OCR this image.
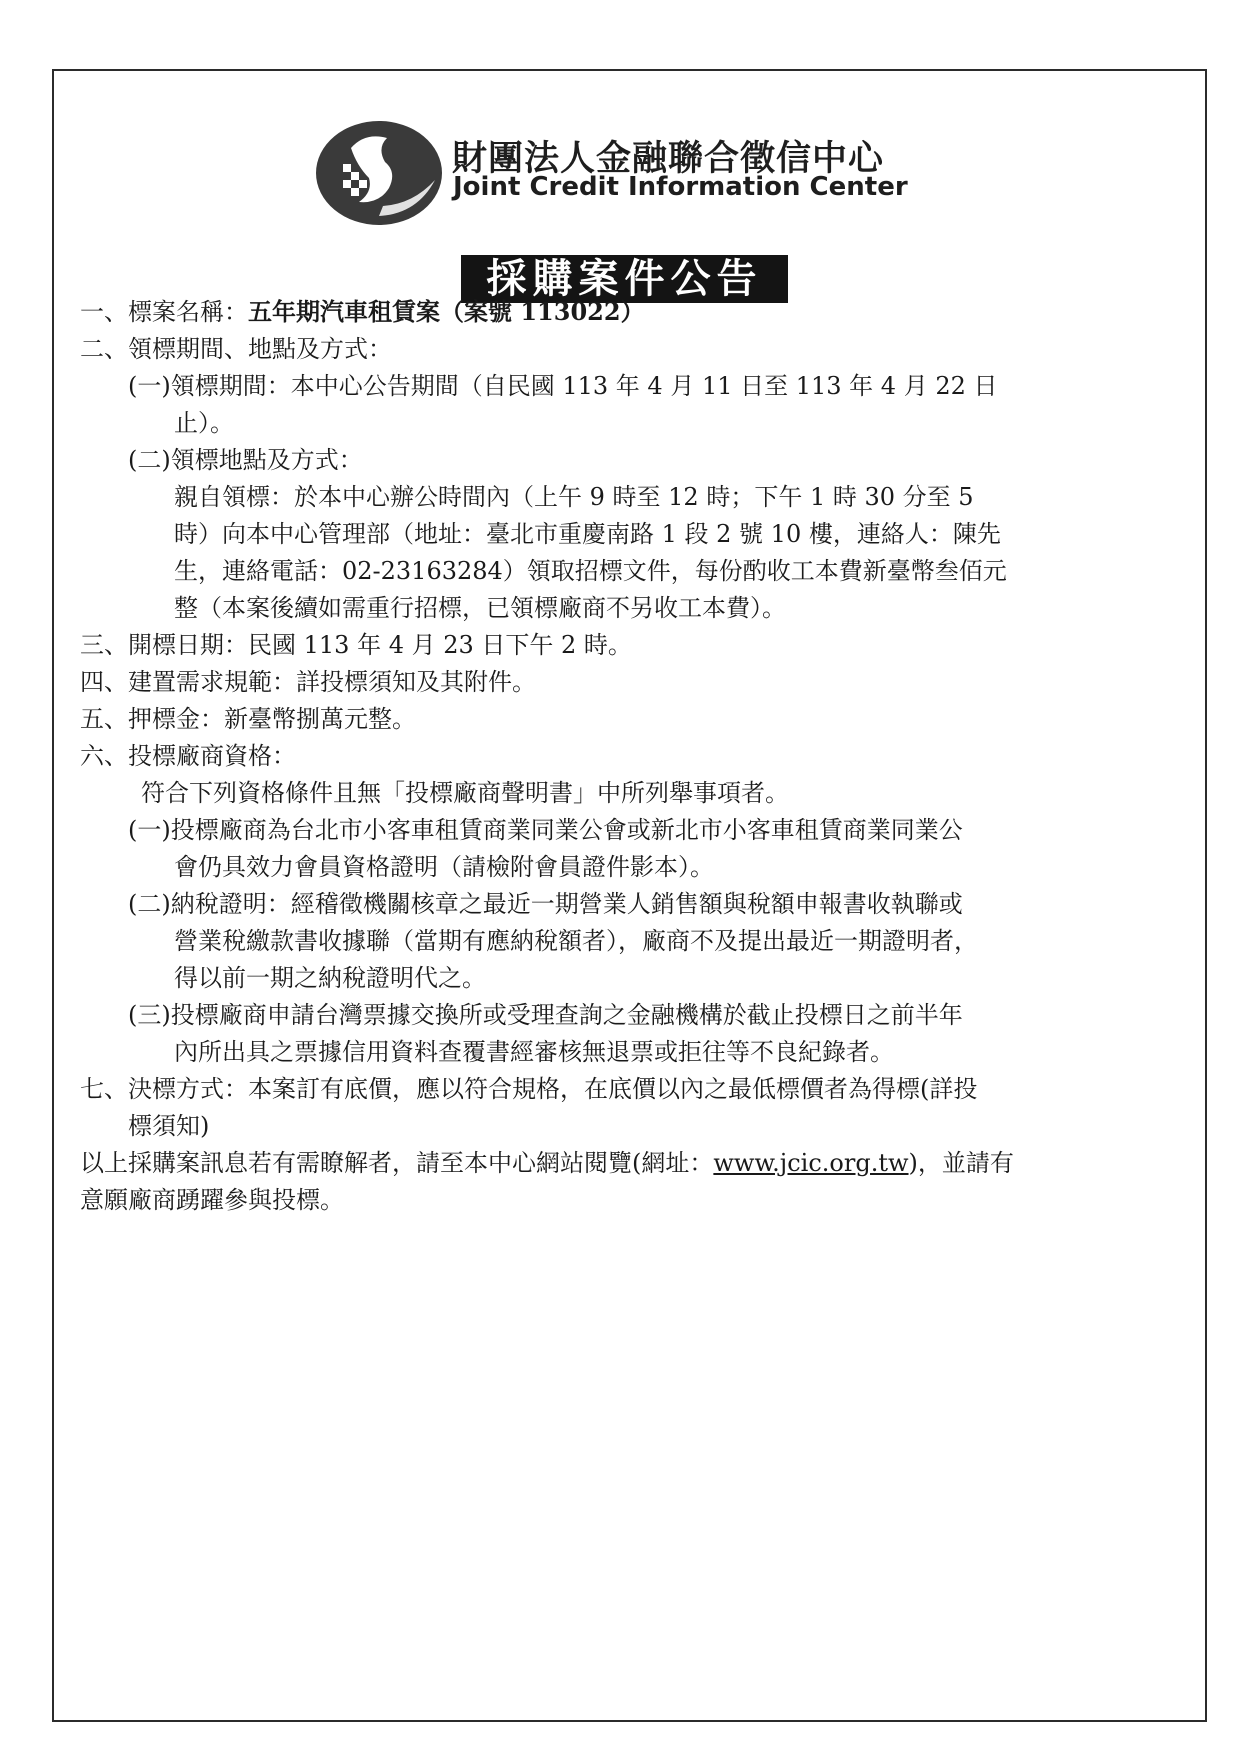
財團法人金融聯合徵信中心
Joint Credit Information Center
採購案件公告
一、標案名稱：五年期汽車租賃案（案號 113022）
二、領標期間、地點及方式：
(一)領標期間：本中心公告期間（自民國 113 年 4 月 11 日至 113 年 4 月 22 日
止）。
(二)領標地點及方式：
親自領標：於本中心辦公時間內（上午 9 時至 12 時；下午 1 時 30 分至 5
時）向本中心管理部（地址：臺北市重慶南路 1 段 2 號 10 樓，連絡人：陳先
生，連絡電話：02-23163284）領取招標文件，每份酌收工本費新臺幣叁佰元
整（本案後續如需重行招標，已領標廠商不另收工本費）。
三、開標日期：民國 113 年 4 月 23 日下午 2 時。
四、建置需求規範：詳投標須知及其附件。
五、押標金：新臺幣捌萬元整。
六、投標廠商資格：
符合下列資格條件且無「投標廠商聲明書」中所列舉事項者。
(一)投標廠商為台北市小客車租賃商業同業公會或新北市小客車租賃商業同業公
會仍具效力會員資格證明（請檢附會員證件影本）。
(二)納稅證明：經稽徵機關核章之最近一期營業人銷售額與稅額申報書收執聯或
營業稅繳款書收據聯（當期有應納稅額者），廠商不及提出最近一期證明者，
得以前一期之納稅證明代之。
(三)投標廠商申請台灣票據交換所或受理查詢之金融機構於截止投標日之前半年
內所出具之票據信用資料查覆書經審核無退票或拒往等不良紀錄者。
七、決標方式：本案訂有底價，應以符合規格，在底價以內之最低標價者為得標(詳投
標須知)
以上採購案訊息若有需瞭解者，請至本中心網站閱覽(網址：www.jcic.org.tw)，並請有
意願廠商踴躍參與投標。
